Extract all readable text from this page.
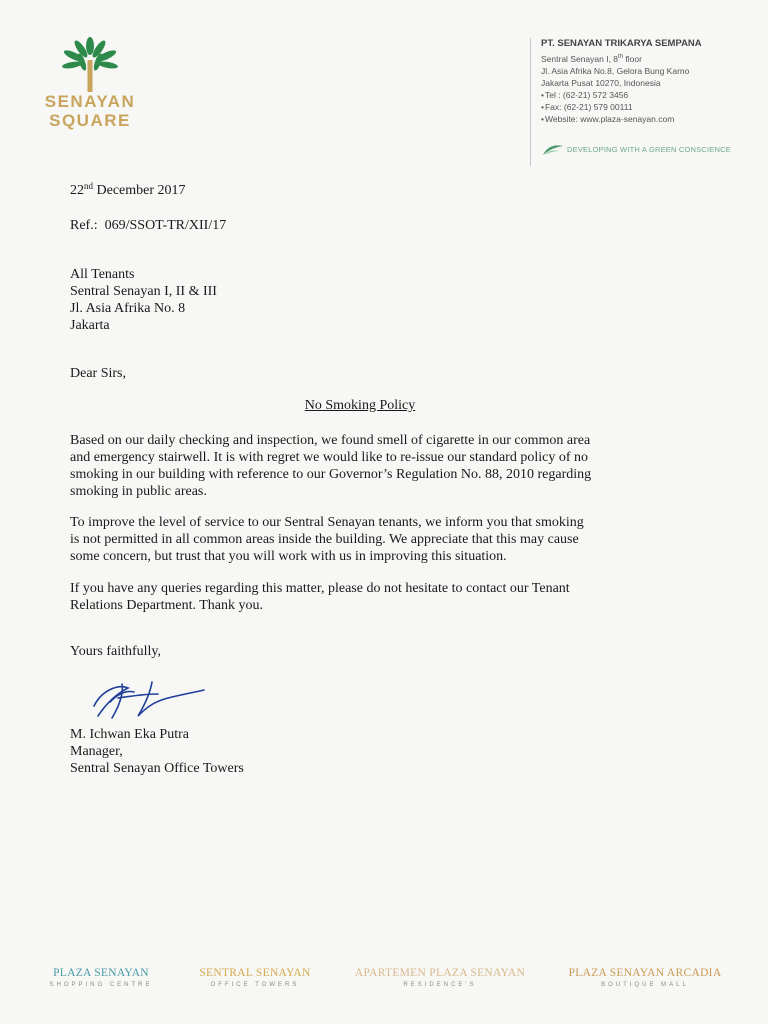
SENAYAN
SQUARE
PT. SENAYAN TRIKARYA SEMPANA
Sentral Senayan I, 8th floor
Jl. Asia Afrika No.8, Gelora Bung Karno
Jakarta Pusat 10270, Indonesia
• Tel : (62-21) 572 3456
• Fax: (62-21) 579 00111
• Website: www.plaza-senayan.com
DEVELOPING WITH A GREEN CONSCIENCE
22nd December 2017
Ref.:  069/SSOT-TR/XII/17
All Tenants
Sentral Senayan I, II & III
Jl. Asia Afrika No. 8
Jakarta
Dear Sirs,
No Smoking Policy
Based on our daily checking and inspection, we found smell of cigarette in our common area
and emergency stairwell. It is with regret we would like to re-issue our standard policy of no
smoking in our building with reference to our Governor’s Regulation No. 88, 2010 regarding
smoking in public areas.
To improve the level of service to our Sentral Senayan tenants, we inform you that smoking
is not permitted in all common areas inside the building. We appreciate that this may cause
some concern, but trust that you will work with us in improving this situation.
If you have any queries regarding this matter, please do not hesitate to contact our Tenant
Relations Department. Thank you.
Yours faithfully,
M. Ichwan Eka Putra
Manager,
Sentral Senayan Office Towers
PLAZA SENAYAN
SHOPPING CENTRE
SENTRAL SENAYAN
OFFICE TOWERS
APARTEMEN PLAZA SENAYAN
RESIDENCE'S
PLAZA SENAYAN ARCADIA
BOUTIQUE MALL
